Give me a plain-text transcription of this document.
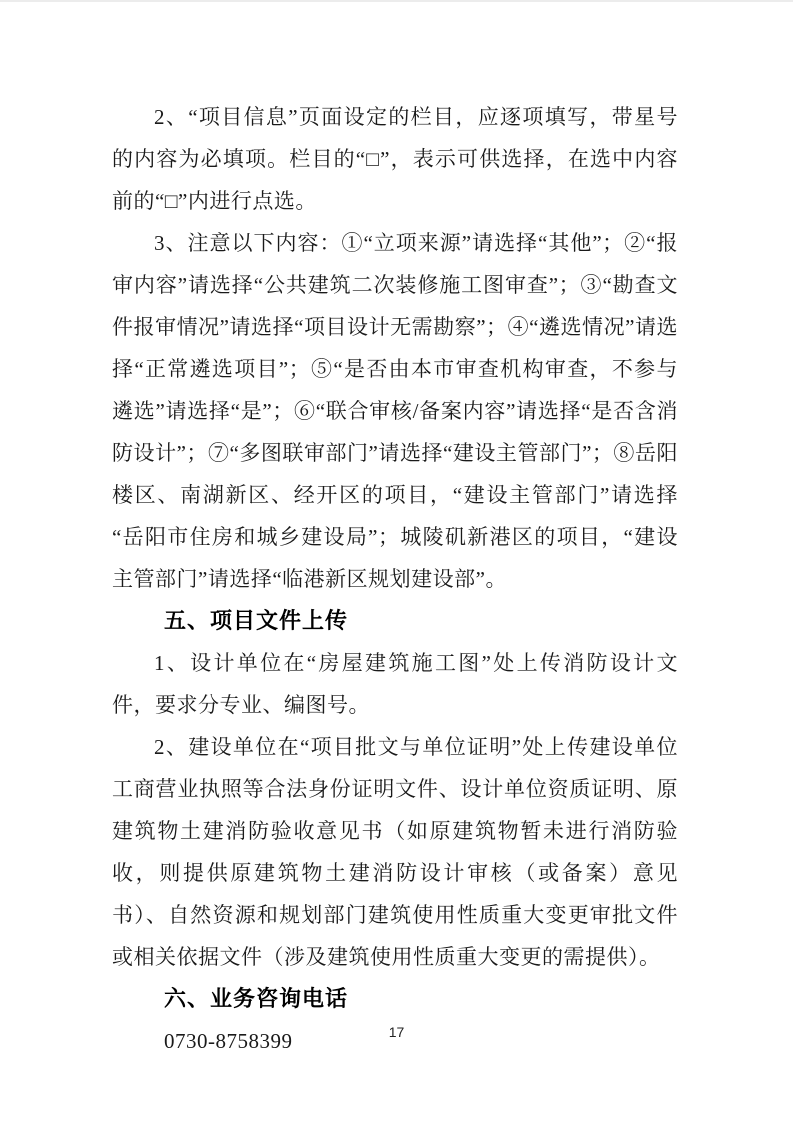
2、“项目信息”页面设定的栏目，应逐项填写，带星号的内容为必填项。栏目的“□”，表示可供选择，在选中内容前的“□”内进行点选。

3、注意以下内容：①“立项来源”请选择“其他”；②“报审内容”请选择“公共建筑二次装修施工图审查”；③“勘查文件报审情况”请选择“项目设计无需勘察”；④“遴选情况”请选择“正常遴选项目”；⑤“是否由本市审查机构审查，不参与遴选”请选择“是”；⑥“联合审核/备案内容”请选择“是否含消防设计”；⑦“多图联审部门”请选择“建设主管部门”；⑧岳阳楼区、南湖新区、经开区的项目，“建设主管部门”请选择“岳阳市住房和城乡建设局”；城陵矶新港区的项目，“建设主管部门”请选择“临港新区规划建设部”。

五、项目文件上传

1、设计单位在“房屋建筑施工图”处上传消防设计文件，要求分专业、编图号。

2、建设单位在“项目批文与单位证明”处上传建设单位工商营业执照等合法身份证明文件、设计单位资质证明、原建筑物土建消防验收意见书（如原建筑物暂未进行消防验收，则提供原建筑物土建消防设计审核（或备案）意见书）、自然资源和规划部门建筑使用性质重大变更审批文件或相关依据文件（涉及建筑使用性质重大变更的需提供）。

六、业务咨询电话

0730-8758399	17
